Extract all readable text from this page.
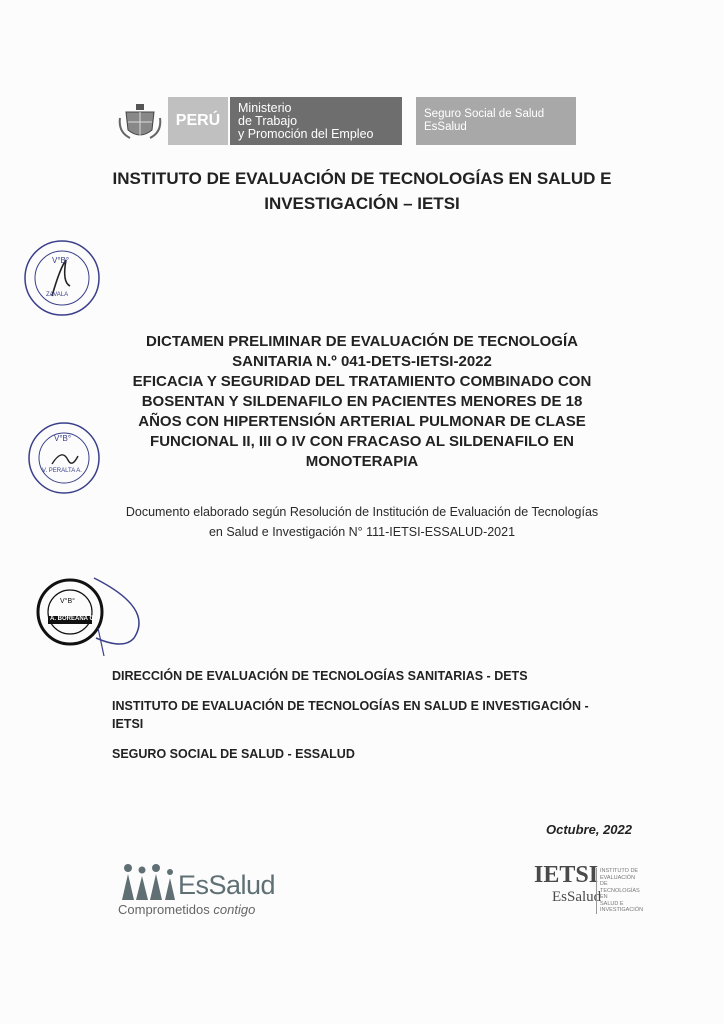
PERÚ
Ministerio
de Trabajo
y Promoción del Empleo
Seguro Social de Salud
EsSalud
INSTITUTO DE EVALUACIÓN DE TECNOLOGÍAS EN SALUD E
INVESTIGACIÓN – IETSI
V°B°
ZAVALA
DICTAMEN PRELIMINAR DE EVALUACIÓN DE TECNOLOGÍA
SANITARIA N.º 041-DETS-IETSI-2022
EFICACIA Y SEGURIDAD DEL TRATAMIENTO COMBINADO CON
BOSENTAN Y SILDENAFILO EN PACIENTES MENORES DE 18
AÑOS CON HIPERTENSIÓN ARTERIAL PULMONAR DE CLASE
FUNCIONAL II, III O IV CON FRACASO AL SILDENAFILO EN
MONOTERAPIA
V°B°
V. PERALTA A.
Documento elaborado según Resolución de Institución de Evaluación de Tecnologías
en Salud e Investigación N° 111-IETSI-ESSALUD-2021
V°B°
A. BOREANA C.
DIRECCIÓN DE EVALUACIÓN DE TECNOLOGÍAS SANITARIAS - DETS
INSTITUTO DE EVALUACIÓN DE TECNOLOGÍAS EN SALUD E INVESTIGACIÓN -
IETSI
SEGURO SOCIAL DE SALUD - ESSALUD
Octubre, 2022
EsSalud
Comprometidos contigo
IETSI
EsSalud
INSTITUTO DE
EVALUACIÓN DE
TECNOLOGÍAS EN
SALUD E
INVESTIGACIÓN
